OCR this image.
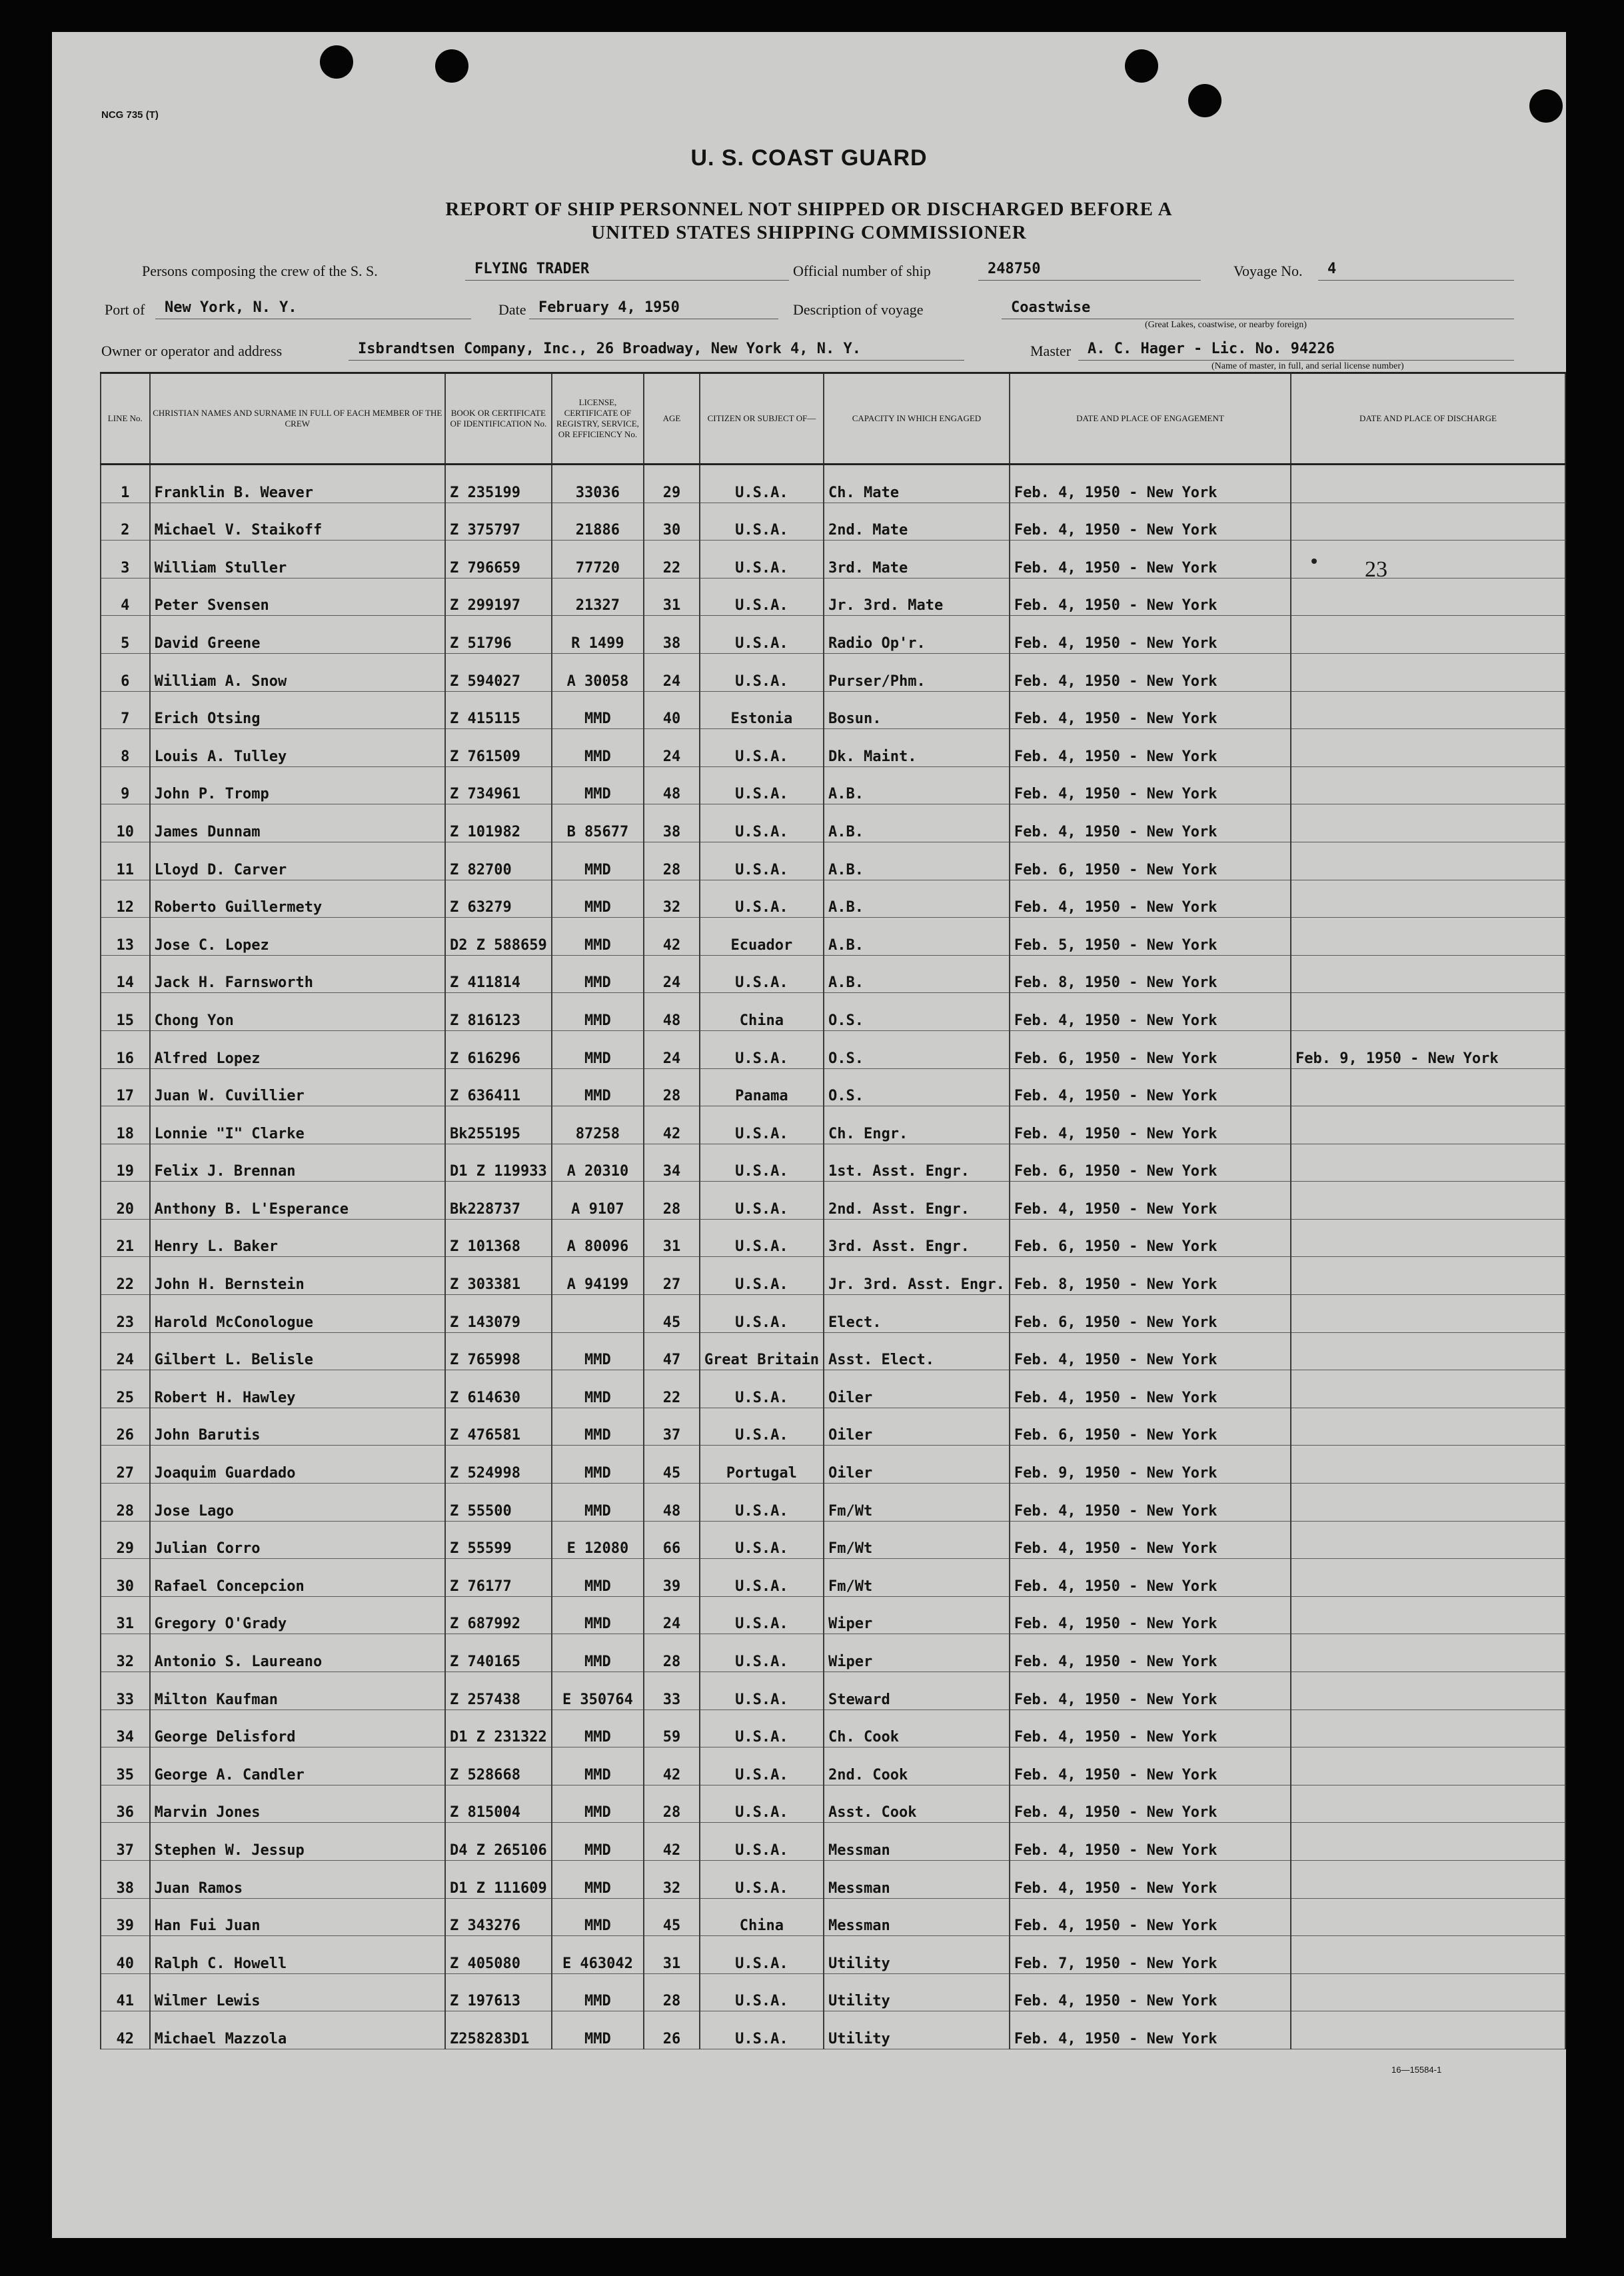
NCG 735 (T)
U. S. COAST GUARD
REPORT OF SHIP PERSONNEL NOT SHIPPED OR DISCHARGED BEFORE A
UNITED STATES SHIPPING COMMISSIONER
Persons composing the crew of the S. S.	FLYING TRADER	Official number of ship	248750	Voyage No.	4
Port of	New York, N. Y.	Date February 4, 1950	Description of voyage	Coastwise
(Great Lakes, coastwise, or nearby foreign)
Owner or operator and address	Isbrandtsen Company, Inc., 26 Broadway, New York 4, N. Y.	Master	A. C. Hager - Lic. No. 94226
(Name of master, in full, and serial license number)
LINE No.	CHRISTIAN NAMES AND SURNAME IN FULL OF EACH MEMBER OF THE CREW	BOOK OR CERTIFICATE OF IDENTIFICATION No.	LICENSE, CERTIFICATE OF REGISTRY, SERVICE, OR EFFICIENCY No.	AGE	CITIZEN OR SUBJECT OF—	CAPACITY IN WHICH ENGAGED	DATE AND PLACE OF ENGAGEMENT	DATE AND PLACE OF DISCHARGE
1	Franklin B. Weaver	Z 235199	33036	29	U.S.A.	Ch. Mate	Feb. 4, 1950 - New York	
2	Michael V. Staikoff	Z 375797	21886	30	U.S.A.	2nd. Mate	Feb. 4, 1950 - New York	
3	William Stuller	Z 796659	77720	22	U.S.A.	3rd. Mate	Feb. 4, 1950 - New York	
4	Peter Svensen	Z 299197	21327	31	U.S.A.	Jr. 3rd. Mate	Feb. 4, 1950 - New York	
5	David Greene	Z 51796	R 1499	38	U.S.A.	Radio Op'r.	Feb. 4, 1950 - New York	
6	William A. Snow	Z 594027	A 30058	24	U.S.A.	Purser/Phm.	Feb. 4, 1950 - New York	
7	Erich Otsing	Z 415115	MMD	40	Estonia	Bosun.	Feb. 4, 1950 - New York	
8	Louis A. Tulley	Z 761509	MMD	24	U.S.A.	Dk. Maint.	Feb. 4, 1950 - New York	
9	John P. Tromp	Z 734961	MMD	48	U.S.A.	A.B.	Feb. 4, 1950 - New York	
10	James Dunnam	Z 101982	B 85677	38	U.S.A.	A.B.	Feb. 4, 1950 - New York	
11	Lloyd D. Carver	Z 82700	MMD	28	U.S.A.	A.B.	Feb. 6, 1950 - New York	
12	Roberto Guillermety	Z 63279	MMD	32	U.S.A.	A.B.	Feb. 4, 1950 - New York	
13	Jose C. Lopez	D2 Z 588659	MMD	42	Ecuador	A.B.	Feb. 5, 1950 - New York	
14	Jack H. Farnsworth	Z 411814	MMD	24	U.S.A.	A.B.	Feb. 8, 1950 - New York	
15	Chong Yon	Z 816123	MMD	48	China	O.S.	Feb. 4, 1950 - New York	
16	Alfred Lopez	Z 616296	MMD	24	U.S.A.	O.S.	Feb. 6, 1950 - New York	Feb. 9, 1950 - New York
17	Juan W. Cuvillier	Z 636411	MMD	28	Panama	O.S.	Feb. 4, 1950 - New York	
18	Lonnie "I" Clarke	Bk255195	87258	42	U.S.A.	Ch. Engr.	Feb. 4, 1950 - New York	
19	Felix J. Brennan	D1 Z 119933	A 20310	34	U.S.A.	1st. Asst. Engr.	Feb. 6, 1950 - New York	
20	Anthony B. L'Esperance	Bk228737	A 9107	28	U.S.A.	2nd. Asst. Engr.	Feb. 4, 1950 - New York	
21	Henry L. Baker	Z 101368	A 80096	31	U.S.A.	3rd. Asst. Engr.	Feb. 6, 1950 - New York	
22	John H. Bernstein	Z 303381	A 94199	27	U.S.A.	Jr. 3rd. Asst. Engr.	Feb. 8, 1950 - New York	
23	Harold McConologue	Z 143079		45	U.S.A.	Elect.	Feb. 6, 1950 - New York	
24	Gilbert L. Belisle	Z 765998	MMD	47	Great Britain	Asst. Elect.	Feb. 4, 1950 - New York	
25	Robert H. Hawley	Z 614630	MMD	22	U.S.A.	Oiler	Feb. 4, 1950 - New York	
26	John Barutis	Z 476581	MMD	37	U.S.A.	Oiler	Feb. 6, 1950 - New York	
27	Joaquim Guardado	Z 524998	MMD	45	Portugal	Oiler	Feb. 9, 1950 - New York	
28	Jose Lago	Z 55500	MMD	48	U.S.A.	Fm/Wt	Feb. 4, 1950 - New York	
29	Julian Corro	Z 55599	E 12080	66	U.S.A.	Fm/Wt	Feb. 4, 1950 - New York	
30	Rafael Concepcion	Z 76177	MMD	39	U.S.A.	Fm/Wt	Feb. 4, 1950 - New York	
31	Gregory O'Grady	Z 687992	MMD	24	U.S.A.	Wiper	Feb. 4, 1950 - New York	
32	Antonio S. Laureano	Z 740165	MMD	28	U.S.A.	Wiper	Feb. 4, 1950 - New York	
33	Milton Kaufman	Z 257438	E 350764	33	U.S.A.	Steward	Feb. 4, 1950 - New York	
34	George Delisford	D1 Z 231322	MMD	59	U.S.A.	Ch. Cook	Feb. 4, 1950 - New York	
35	George A. Candler	Z 528668	MMD	42	U.S.A.	2nd. Cook	Feb. 4, 1950 - New York	
36	Marvin Jones	Z 815004	MMD	28	U.S.A.	Asst. Cook	Feb. 4, 1950 - New York	
37	Stephen W. Jessup	D4 Z 265106	MMD	42	U.S.A.	Messman	Feb. 4, 1950 - New York	
38	Juan Ramos	D1 Z 111609	MMD	32	U.S.A.	Messman	Feb. 4, 1950 - New York	
39	Han Fui Juan	Z 343276	MMD	45	China	Messman	Feb. 4, 1950 - New York	
40	Ralph C. Howell	Z 405080	E 463042	31	U.S.A.	Utility	Feb. 7, 1950 - New York	
41	Wilmer Lewis	Z 197613	MMD	28	U.S.A.	Utility	Feb. 4, 1950 - New York	
42	Michael Mazzola	Z258283D1	MMD	26	U.S.A.	Utility	Feb. 4, 1950 - New York	
23
16—15584-1
